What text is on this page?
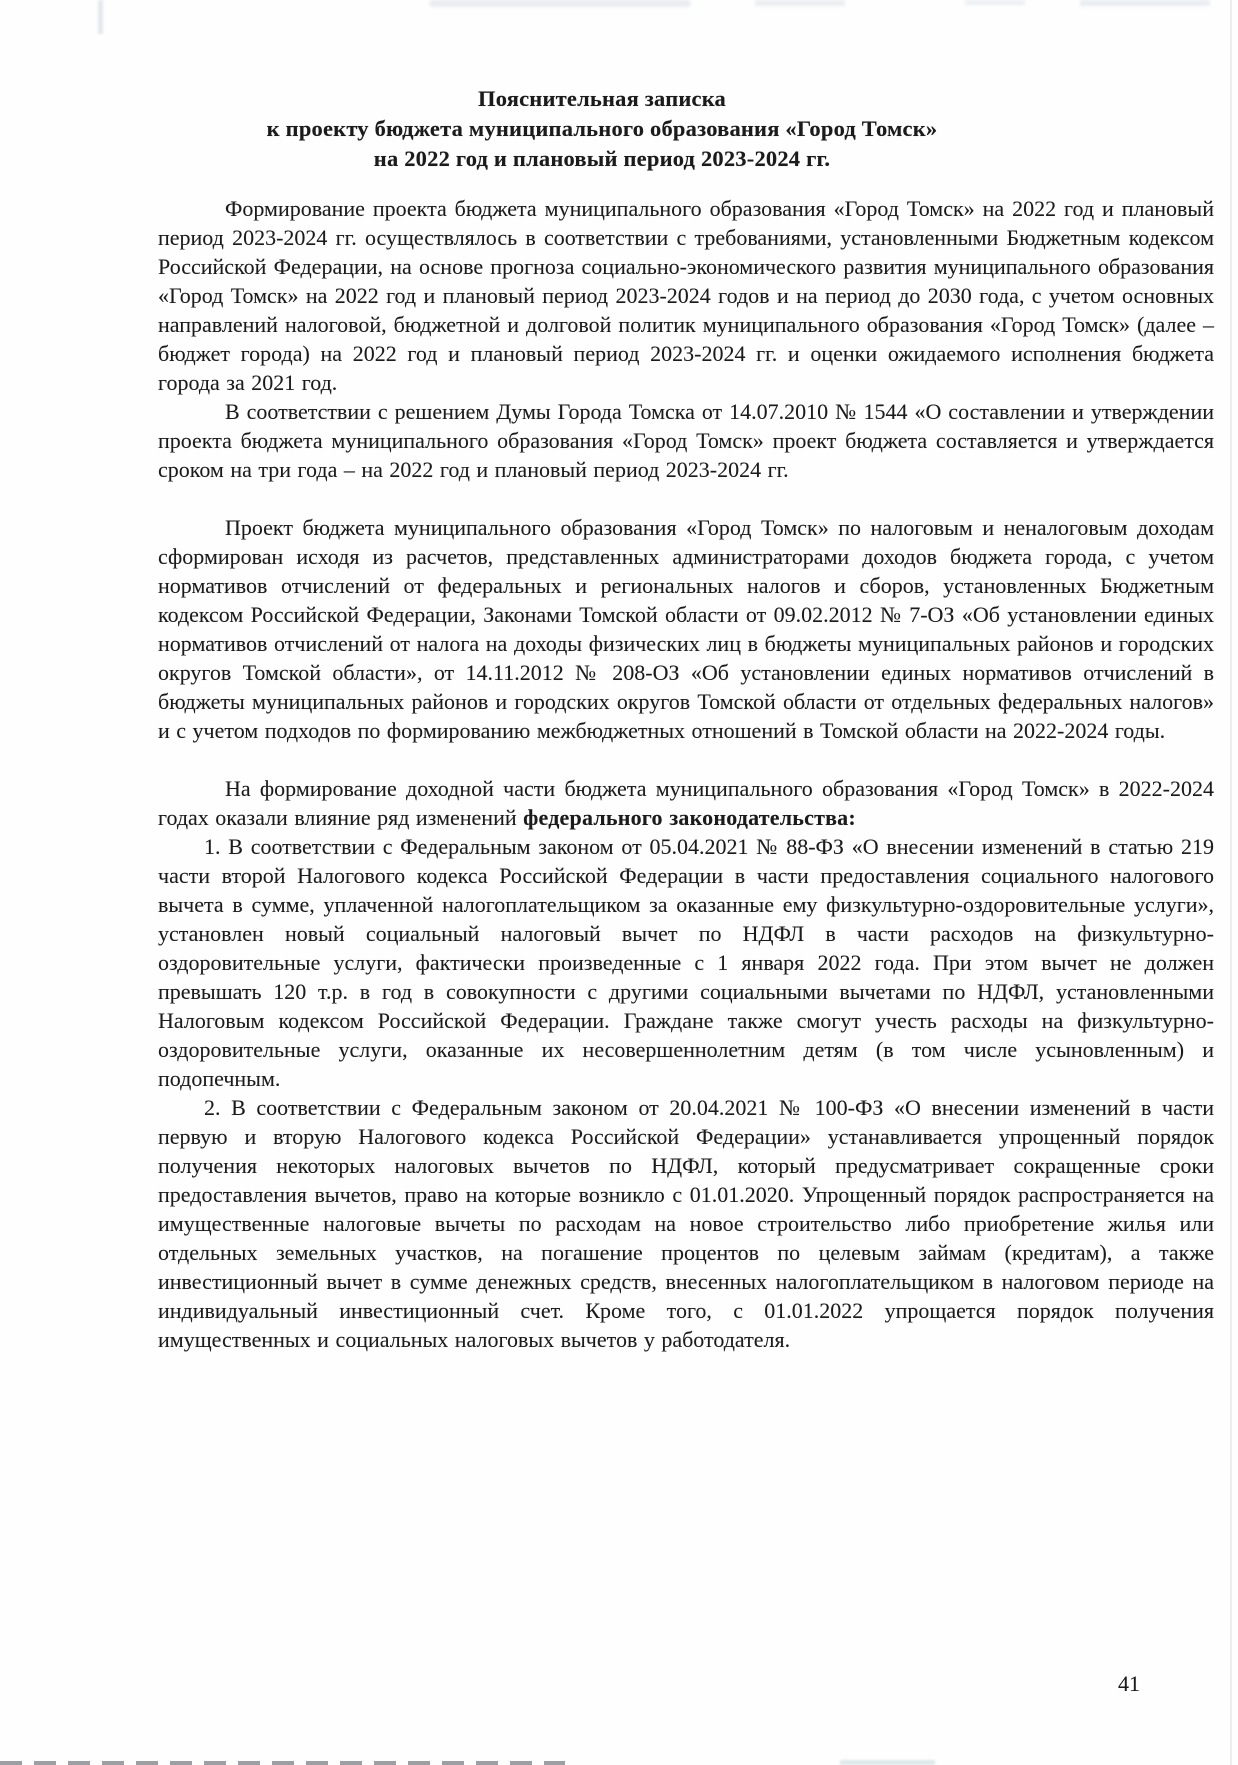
Пояснительная записка
к проекту бюджета муниципального образования «Город Томск»
на 2022 год и плановый период 2023-2024 гг.

Формирование проекта бюджета муниципального образования «Город Томск» на 2022 год и плановый период 2023-2024 гг. осуществлялось в соответствии с требованиями, установленными Бюджетным кодексом Российской Федерации, на основе прогноза социально-экономического развития муниципального образования «Город Томск» на 2022 год и плановый период 2023-2024 годов и на период до 2030 года, с учетом основных направлений налоговой, бюджетной и долговой политик муниципального образования «Город Томск» (далее – бюджет города) на 2022 год и плановый период 2023-2024 гг. и оценки ожидаемого исполнения бюджета города за 2021 год.

В соответствии с решением Думы Города Томска от 14.07.2010 № 1544 «О составлении и утверждении проекта бюджета муниципального образования «Город Томск» проект бюджета составляется и утверждается сроком на три года – на 2022 год и плановый период 2023-2024 гг.

Проект бюджета муниципального образования «Город Томск» по налоговым и неналоговым доходам сформирован исходя из расчетов, представленных администраторами доходов бюджета города, с учетом нормативов отчислений от федеральных и региональных налогов и сборов, установленных Бюджетным кодексом Российской Федерации, Законами Томской области от 09.02.2012 № 7-ОЗ «Об установлении единых нормативов отчислений от налога на доходы физических лиц в бюджеты муниципальных районов и городских округов Томской области», от 14.11.2012 № 208-ОЗ «Об установлении единых нормативов отчислений в бюджеты муниципальных районов и городских округов Томской области от отдельных федеральных налогов» и с учетом подходов по формированию межбюджетных отношений в Томской области на 2022-2024 годы.

На формирование доходной части бюджета муниципального образования «Город Томск» в 2022-2024 годах оказали влияние ряд изменений федерального законодательства:

1. В соответствии с Федеральным законом от 05.04.2021 № 88-ФЗ «О внесении изменений в статью 219 части второй Налогового кодекса Российской Федерации в части предоставления социального налогового вычета в сумме, уплаченной налогоплательщиком за оказанные ему физкультурно-оздоровительные услуги», установлен новый социальный налоговый вычет по НДФЛ в части расходов на физкультурно-оздоровительные услуги, фактически произведенные с 1 января 2022 года. При этом вычет не должен превышать 120 т.р. в год в совокупности с другими социальными вычетами по НДФЛ, установленными Налоговым кодексом Российской Федерации. Граждане также смогут учесть расходы на физкультурно-оздоровительные услуги, оказанные их несовершеннолетним детям (в том числе усыновленным) и подопечным.

2. В соответствии с Федеральным законом от 20.04.2021 № 100-ФЗ «О внесении изменений в части первую и вторую Налогового кодекса Российской Федерации» устанавливается упрощенный порядок получения некоторых налоговых вычетов по НДФЛ, который предусматривает сокращенные сроки предоставления вычетов, право на которые возникло с 01.01.2020. Упрощенный порядок распространяется на имущественные налоговые вычеты по расходам на новое строительство либо приобретение жилья или отдельных земельных участков, на погашение процентов по целевым займам (кредитам), а также инвестиционный вычет в сумме денежных средств, внесенных налогоплательщиком в налоговом периоде на индивидуальный инвестиционный счет. Кроме того, с 01.01.2022 упрощается порядок получения имущественных и социальных налоговых вычетов у работодателя.

41
